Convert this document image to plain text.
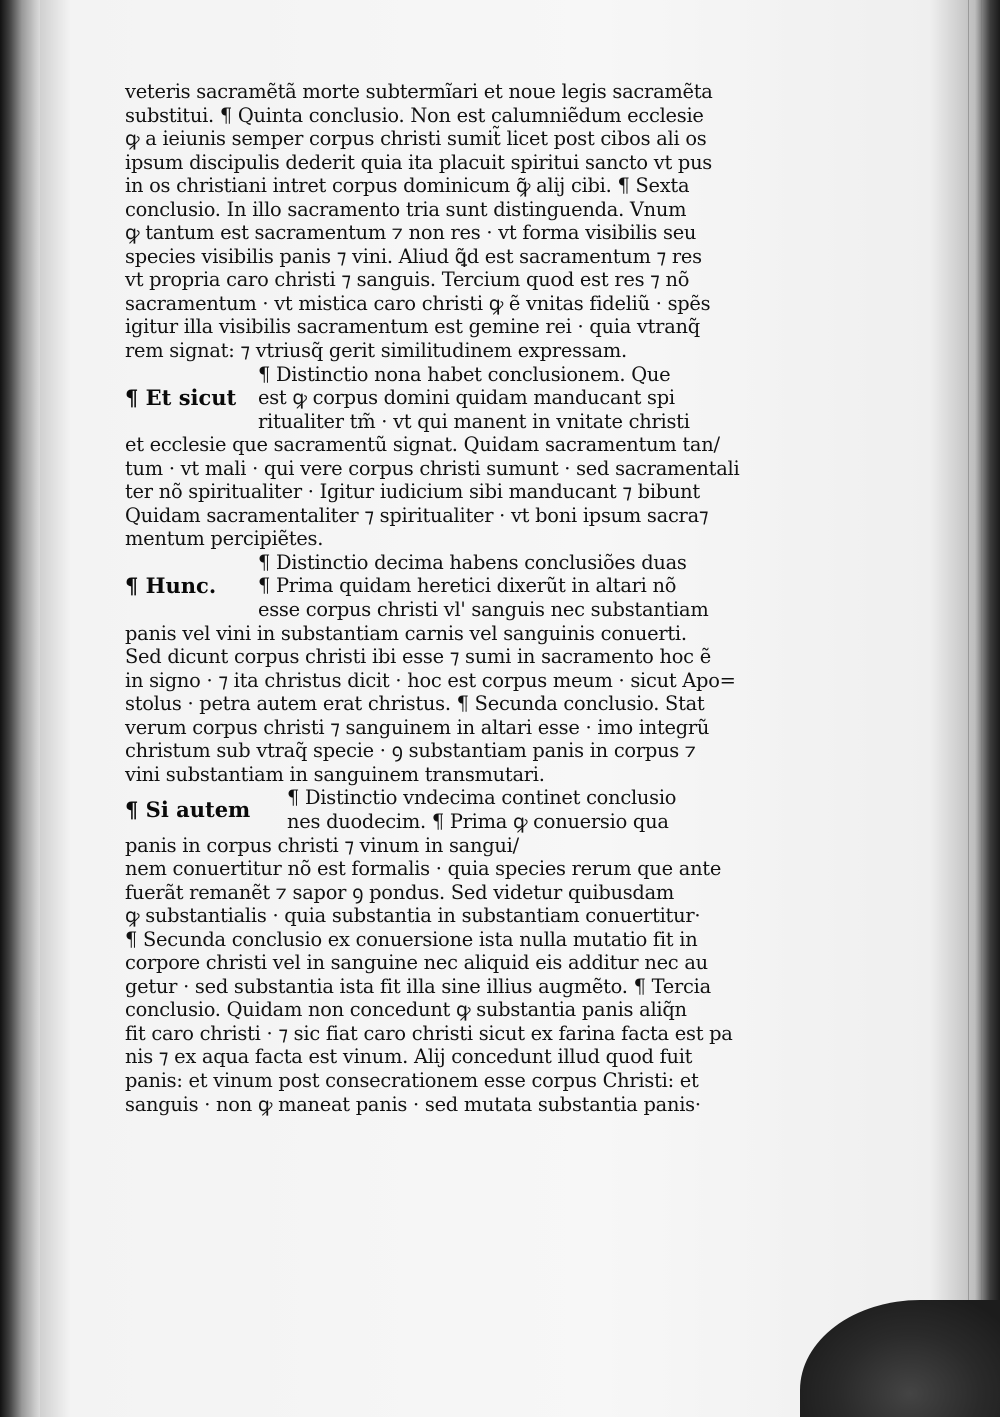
veteris sacramẽtã morte subtermĩari et noue legis sacramẽta
substitui. ¶ Quinta conclusio. Non est calumniẽdum ecclesie
ꝙ a ieiunis semper corpus christi sumit̃ licet post cibos ali os
ipsum discipulis dederit quia ita placuit spiritui sancto vt pus
in os christiani intret corpus dominicum ꝙ̃ alij cibi. ¶ Sexta
conclusio. In illo sacramento tria sunt distinguenda. Vnum
ꝙ tantum est sacramentum ⁊ non res · vt forma visibilis seu
species visibilis panis ⁊ vini. Aliud ꝗ̃d est sacramentum ⁊ res
vt propria caro christi ⁊ sanguis. Tercium quod est res ⁊ nõ
sacramentum · vt mistica caro christi ꝙ ẽ vnitas fideliũ · spẽs
igitur illa visibilis sacramentum est gemine rei · quia vtranq̃
rem signat: ⁊ vtriusq̃ gerit similitudinem expressam.
¶ Distinctio nona habet conclusionem. Que
est ꝙ corpus domini quidam manducant spi
ritualiter tm̃ · vt qui manent in vnitate christi
et ecclesie que sacramentũ signat. Quidam sacramentum tan/
tum · vt mali · qui vere corpus christi sumunt · sed sacramentali
ter nõ spiritualiter · Igitur iudicium sibi manducant ⁊ bibunt
Quidam sacramentaliter ⁊ spiritualiter · vt boni ipsum sacra⁊
mentum percipiẽtes.
¶ Distinctio decima habens conclusiões duas
¶ Prima quidam heretici dixerũt in altari nõ
esse corpus christi vl' sanguis nec substantiam
panis vel vini in substantiam carnis vel sanguinis conuerti.
Sed dicunt corpus christi ibi esse ⁊ sumi in sacramento hoc ẽ
in signo · ⁊ ita christus dicit · hoc est corpus meum · sicut Apo=
stolus · petra autem erat christus. ¶ Secunda conclusio. Stat
verum corpus christi ⁊ sanguinem in altari esse · imo integrũ
christum sub vtraq̃ specie · ꝯ substantiam panis in corpus ⁊
vini substantiam in sanguinem transmutari.
¶ Distinctio vndecima continet conclusio
nes duodecim. ¶ Prima ꝙ conuersio qua
panis in corpus christi ⁊ vinum in sangui/
nem conuertitur nõ est formalis · quia species rerum que ante
fuerãt remanẽt ⁊ sapor ꝯ pondus. Sed videtur quibusdam
ꝙ substantialis · quia substantia in substantiam conuertitur·
¶ Secunda conclusio ex conuersione ista nulla mutatio fit in
corpore christi vel in sanguine nec aliquid eis additur nec au
getur · sed substantia ista fit illa sine illius augmẽto. ¶ Tercia
conclusio. Quidam non concedunt ꝙ substantia panis aliq̃n
fit caro christi · ⁊ sic fiat caro christi sicut ex farina facta est pa
nis ⁊ ex aqua facta est vinum. Alij concedunt illud quod fuit
panis: et vinum post consecrationem esse corpus Christi: et
sanguis · non ꝙ maneat panis · sed mutata substantia panis·
¶ Et sicut
¶ Hunc.
¶ Si autem
